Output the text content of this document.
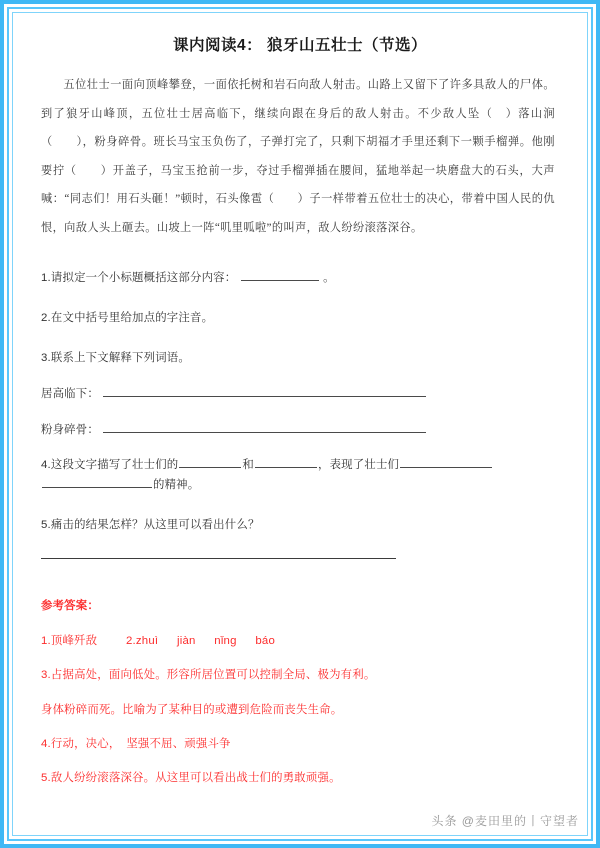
课内阅读4： 狼牙山五壮士（节选）

五位壮士一面向顶峰攀登，一面依托树和岩石向敌人射击。山路上又留下了许多具敌人的尸体。到了狼牙山峰顶，五位壮士居高临下，继续向跟在身后的敌人射击。不少敌人坠（　）落山涧（　　），粉身碎骨。班长马宝玉负伤了，子弹打完了，只剩下胡福才手里还剩下一颗手榴弹。他刚要拧（　　）开盖子，马宝玉抢前一步，夺过手榴弹插在腰间，猛地举起一块磨盘大的石头，大声喊：“同志们！用石头砸！”顿时，石头像雹（　　）子一样带着五位壮士的决心，带着中国人民的仇恨，向敌人头上砸去。山坡上一阵“叽里呱啦”的叫声，敌人纷纷滚落深谷。

1.请拟定一个小标题概括这部分内容：	。
2.在文中括号里给加点的字注音。
3.联系上下文解释下列词语。
居高临下：
粉身碎骨：
4.这段文字描写了壮士们的	和	，表现了壮士们
的精神。
5.痛击的结果怎样？从这里可以看出什么？
参考答案：
1.顶峰歼敌	2.zhuì jiàn nǐng báo
3.占据高处，面向低处。形容所居位置可以控制全局、极为有利。
身体粉碎而死。比喻为了某种目的或遭到危险而丧失生命。
4.行动，决心，　坚强不屈、顽强斗争
5.敌人纷纷滚落深谷。从这里可以看出战士们的勇敢顽强。
头条 @麦田里的丨守望者
